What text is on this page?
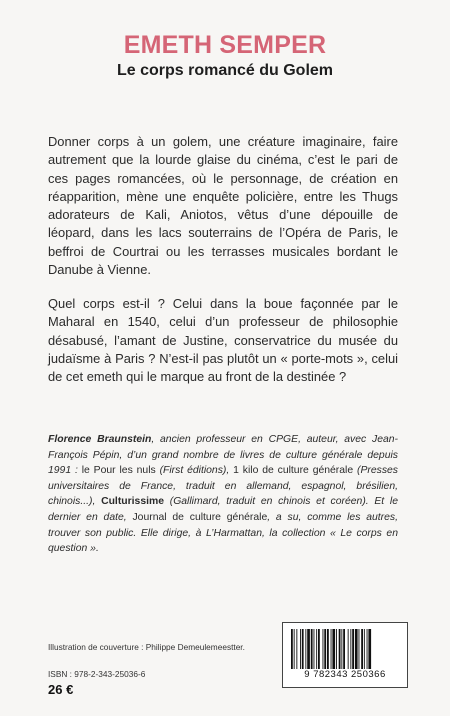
EMETH SEMPER
Le corps romancé du Golem
Donner corps à un golem, une créature imaginaire, faire autrement que la lourde glaise du cinéma, c’est le pari de ces pages romancées, où le personnage, de création en réapparition, mène une enquête policière, entre les Thugs adorateurs de Kali, Aniotos, vêtus d’une dépouille de léopard, dans les lacs souterrains de l’Opéra de Paris, le beffroi de Courtrai ou les terrasses musicales bordant le Danube à Vienne.
Quel corps est-il ? Celui dans la boue façonnée par le Maharal en 1540, celui d’un professeur de philosophie désabusé, l’amant de Justine, conservatrice du musée du judaïsme à Paris ? N’est-il pas plutôt un « porte-mots », celui de cet emeth qui le marque au front de la destinée ?
Florence Braunstein, ancien professeur en CPGE, auteur, avec Jean-François Pépin, d’un grand nombre de livres de culture générale depuis 1991 : le Pour les nuls (First éditions), 1 kilo de culture générale (Presses universitaires de France, traduit en allemand, espagnol, brésilien, chinois...), Culturissime (Gallimard, traduit en chinois et coréen). Et le dernier en date, Journal de culture générale, a su, comme les autres, trouver son public. Elle dirige, à L’Harmattan, la collection « Le corps en question ».
Illustration de couverture : Philippe Demeulemeestter.
ISBN : 978-2-343-25036-6
26 €
9 782343 250366
